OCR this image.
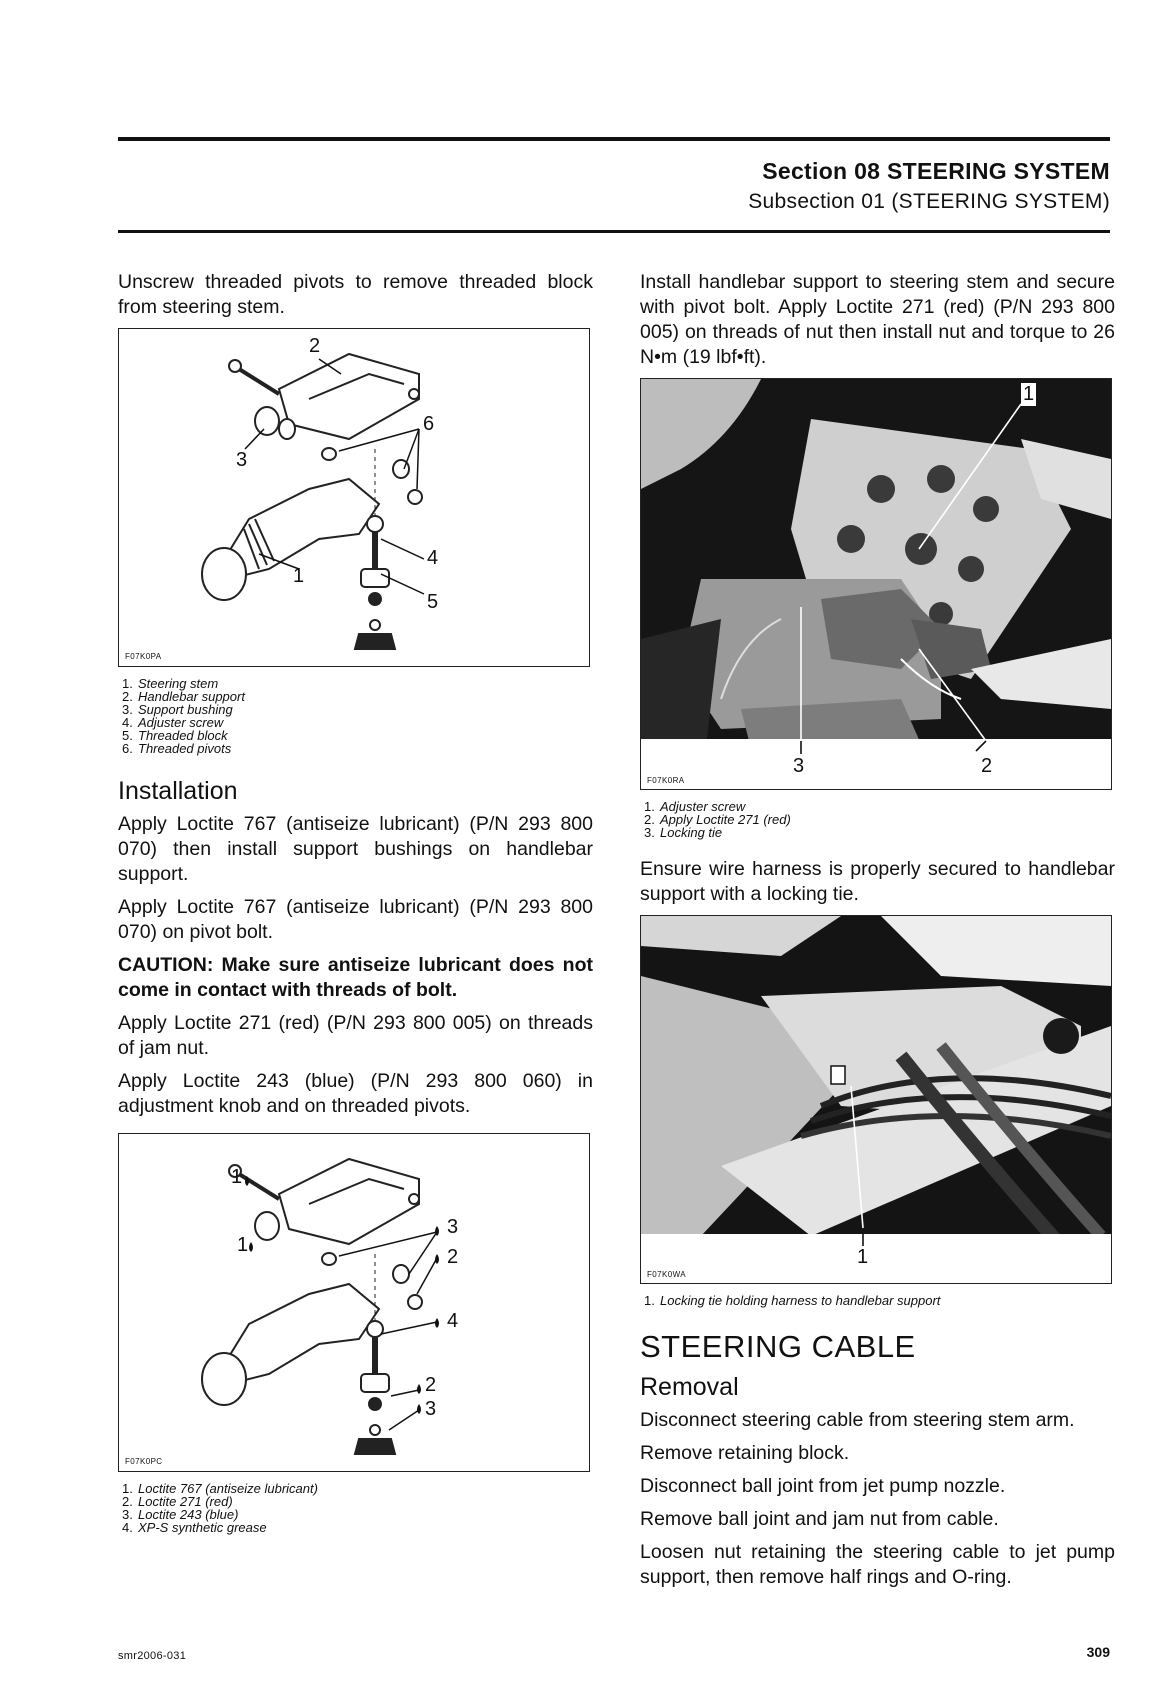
Section 08 STEERING SYSTEM
Subsection 01 (STEERING SYSTEM)

Unscrew threaded pivots to remove threaded block from steering stem.

2
3
6
4
1
5
F07K0PA
1. Steering stem
2. Handlebar support
3. Support bushing
4. Adjuster screw
5. Threaded block
6. Threaded pivots
Installation

Apply Loctite 767 (antiseize lubricant) (P/N 293 800 070) then install support bushings on handlebar support.

Apply Loctite 767 (antiseize lubricant) (P/N 293 800 070) on pivot bolt.

CAUTION: Make sure antiseize lubricant does not come in contact with threads of bolt.

Apply Loctite 271 (red) (P/N 293 800 005) on threads of jam nut.

Apply Loctite 243 (blue) (P/N 293 800 060) in adjustment knob and on threaded pivots.

1
1
3
2
4
2
3
F07K0PC
1. Loctite 767 (antiseize lubricant)
2. Loctite 271 (red)
3. Loctite 243 (blue)
4. XP-S synthetic grease

Install handlebar support to steering stem and secure with pivot bolt. Apply Loctite 271 (red) (P/N 293 800 005) on threads of nut then install nut and torque to 26 N•m (19 lbf•ft).

1
3	2
F07K0RA
1. Adjuster screw
2. Apply Loctite 271 (red)
3. Locking tie

Ensure wire harness is properly secured to handlebar support with a locking tie.

1
F07K0WA
1. Locking tie holding harness to handlebar support
STEERING CABLE
Removal

Disconnect steering cable from steering stem arm.

Remove retaining block.

Disconnect ball joint from jet pump nozzle.

Remove ball joint and jam nut from cable.

Loosen nut retaining the steering cable to jet pump support, then remove half rings and O-ring.

smr2006-031	309
